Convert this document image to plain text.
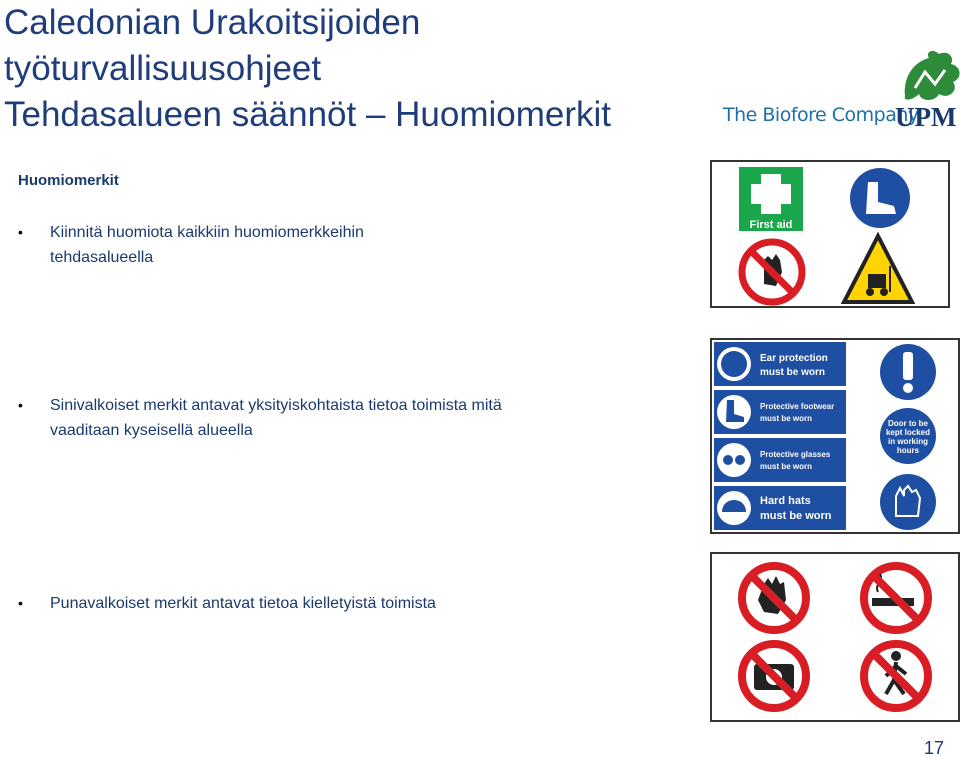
Caledonian Urakoitsijoiden
työturvallisuusohjeet
Tehdasalueen säännöt – Huomiomerkit	The Biofore Company
UPM
Huomiomerkit
• Kiinnitä huomiota kaikkiin huomiomerkkeihin tehdasalueella
• Sinivalkoiset merkit antavat yksityiskohtaista tietoa toimista mitä vaaditaan kyseisellä alueella
• Punavalkoiset merkit antavat tietoa kielletyistä toimista
First aid
Ear protection
must be worn
Protective footwear
must be worn
Protective glasses
must be worn
Hard hats
must be worn
Door to be
kept locked
in working
hours
17
